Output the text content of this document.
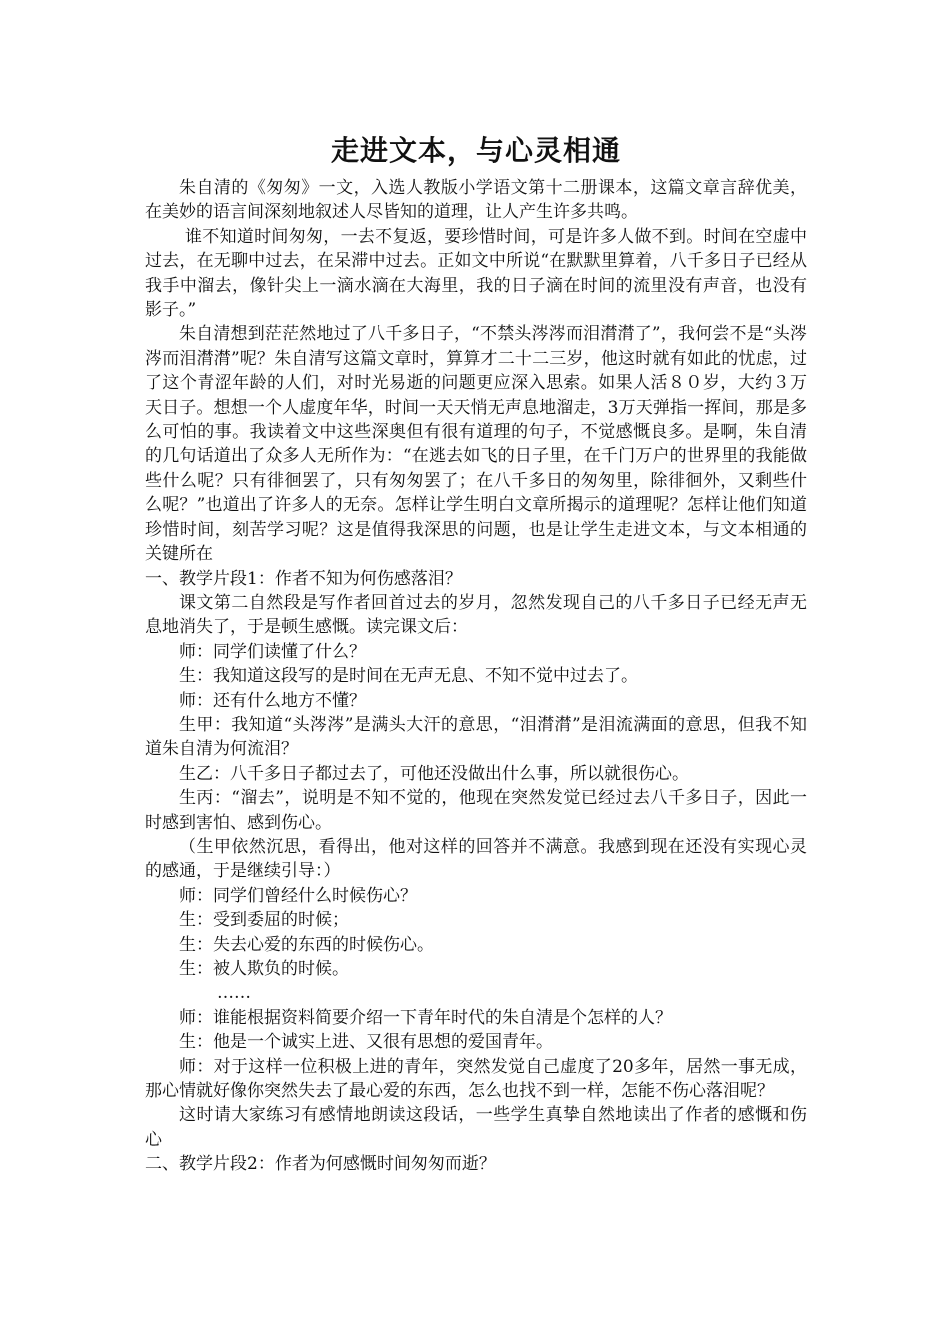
走进文本，与心灵相通

朱自清的《匆匆》一文，入选人教版小学语文第十二册课本，这篇文章言辞优美，在美妙的语言间深刻地叙述人尽皆知的道理，让人产生许多共鸣。

谁不知道时间匆匆，一去不复返，要珍惜时间，可是许多人做不到。时间在空虚中过去，在无聊中过去，在呆滞中过去。正如文中所说“在默默里算着，八千多日子已经从我手中溜去，像针尖上一滴水滴在大海里，我的日子滴在时间的流里没有声音，也没有影子。”

朱自清想到茫茫然地过了八千多日子，“不禁头涔涔而泪潸潸了”，我何尝不是“头涔涔而泪潸潸”呢？朱自清写这篇文章时，算算才二十二三岁，他这时就有如此的忧虑，过了这个青涩年龄的人们，对时光易逝的问题更应深入思索。如果人活８０岁，大约３万天日子。想想一个人虚度年华，时间一天天悄无声息地溜走，3万天弹指一挥间，那是多么可怕的事。我读着文中这些深奥但有很有道理的句子，不觉感慨良多。是啊，朱自清的几句话道出了众多人无所作为：“在逃去如飞的日子里，在千门万户的世界里的我能做些什么呢？只有徘徊罢了，只有匆匆罢了；在八千多日的匆匆里，除徘徊外，又剩些什么呢？”也道出了许多人的无奈。怎样让学生明白文章所揭示的道理呢？怎样让他们知道珍惜时间，刻苦学习呢？这是值得我深思的问题，也是让学生走进文本，与文本相通的关键所在

一、教学片段1：作者不知为何伤感落泪？

课文第二自然段是写作者回首过去的岁月，忽然发现自己的八千多日子已经无声无息地消失了，于是顿生感慨。读完课文后：

师：同学们读懂了什么？

生：我知道这段写的是时间在无声无息、不知不觉中过去了。

师：还有什么地方不懂？

生甲：我知道“头涔涔”是满头大汗的意思，“泪潸潸”是泪流满面的意思，但我不知道朱自清为何流泪？

生乙：八千多日子都过去了，可他还没做出什么事，所以就很伤心。

生丙：“溜去”，说明是不知不觉的，他现在突然发觉已经过去八千多日子，因此一时感到害怕、感到伤心。

（生甲依然沉思，看得出，他对这样的回答并不满意。我感到现在还没有实现心灵的感通，于是继续引导：）

师：同学们曾经什么时候伤心？

生：受到委屈的时候；

生：失去心爱的东西的时候伤心。

生：被人欺负的时候。

……

师：谁能根据资料简要介绍一下青年时代的朱自清是个怎样的人？

生：他是一个诚实上进、又很有思想的爱国青年。

师：对于这样一位积极上进的青年，突然发觉自己虚度了20多年，居然一事无成，那心情就好像你突然失去了最心爱的东西，怎么也找不到一样，怎能不伤心落泪呢？

这时请大家练习有感情地朗读这段话，一些学生真挚自然地读出了作者的感慨和伤心

二、教学片段2：作者为何感慨时间匆匆而逝？
